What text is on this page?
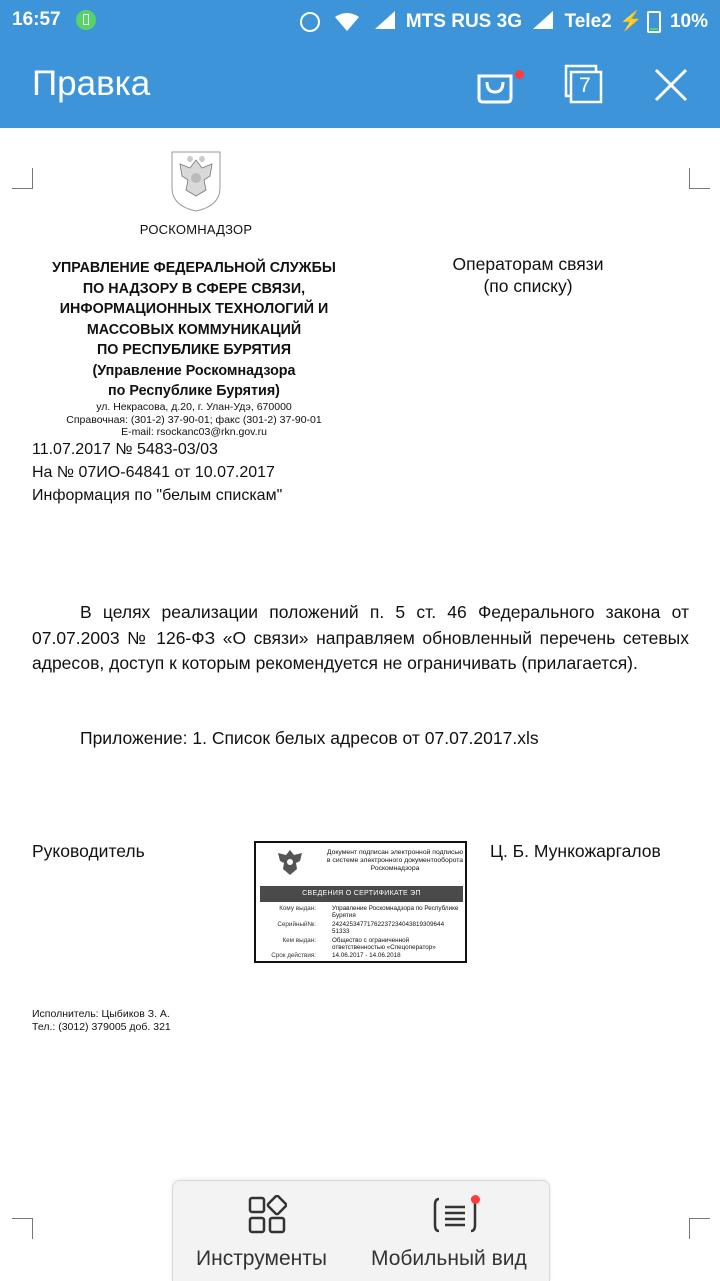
16:57	MTS RUS 3G Tele2 ⚡ 10%
Правка	7
РОСКОМНАДЗОР
УПРАВЛЕНИЕ ФЕДЕРАЛЬНОЙ СЛУЖБЫ
ПО НАДЗОРУ В СФЕРЕ СВЯЗИ,
ИНФОРМАЦИОННЫХ ТЕХНОЛОГИЙ И
МАССОВЫХ КОММУНИКАЦИЙ
ПО РЕСПУБЛИКЕ БУРЯТИЯ
(Управление Роскомнадзора
по Республике Бурятия)
ул. Некрасова, д.20, г. Улан-Удэ, 670000
Справочная: (301-2) 37-90-01; факс (301-2) 37-90-01
E-mail: rsockanc03@rkn.gov.ru
Операторам связи
(по списку)
11.07.2017 № 5483-03/03
На № 07ИО-64841 от 10.07.2017
Информация по "белым спискам"

В целях реализации положений п. 5 ст. 46 Федерального закона от 07.07.2003 № 126-ФЗ «О связи» направляем обновленный перечень сетевых адресов, доступ к которым рекомендуется не ограничивать (прилагается).

Приложение: 1. Список белых адресов от 07.07.2017.xls
Руководитель	Ц. Б. Мункожаргалов
Документ подписан электронной подписью в системе электронного документооборота Роскомнадзора
СВЕДЕНИЯ О СЕРТИФИКАТЕ ЭП
Кому выдан:	Управление Роскомнадзора по Республике Бурятия
Серийный№:	24242534771762237234043819309644 51333
Кем выдан:	Общество с ограниченной ответственностью «Спецоператор»
Срок действия:	14.06.2017 - 14.06.2018
Исполнитель: Цыбиков З. А.
Тел.: (3012) 379005 доб. 321
Инструменты Мобильный вид
